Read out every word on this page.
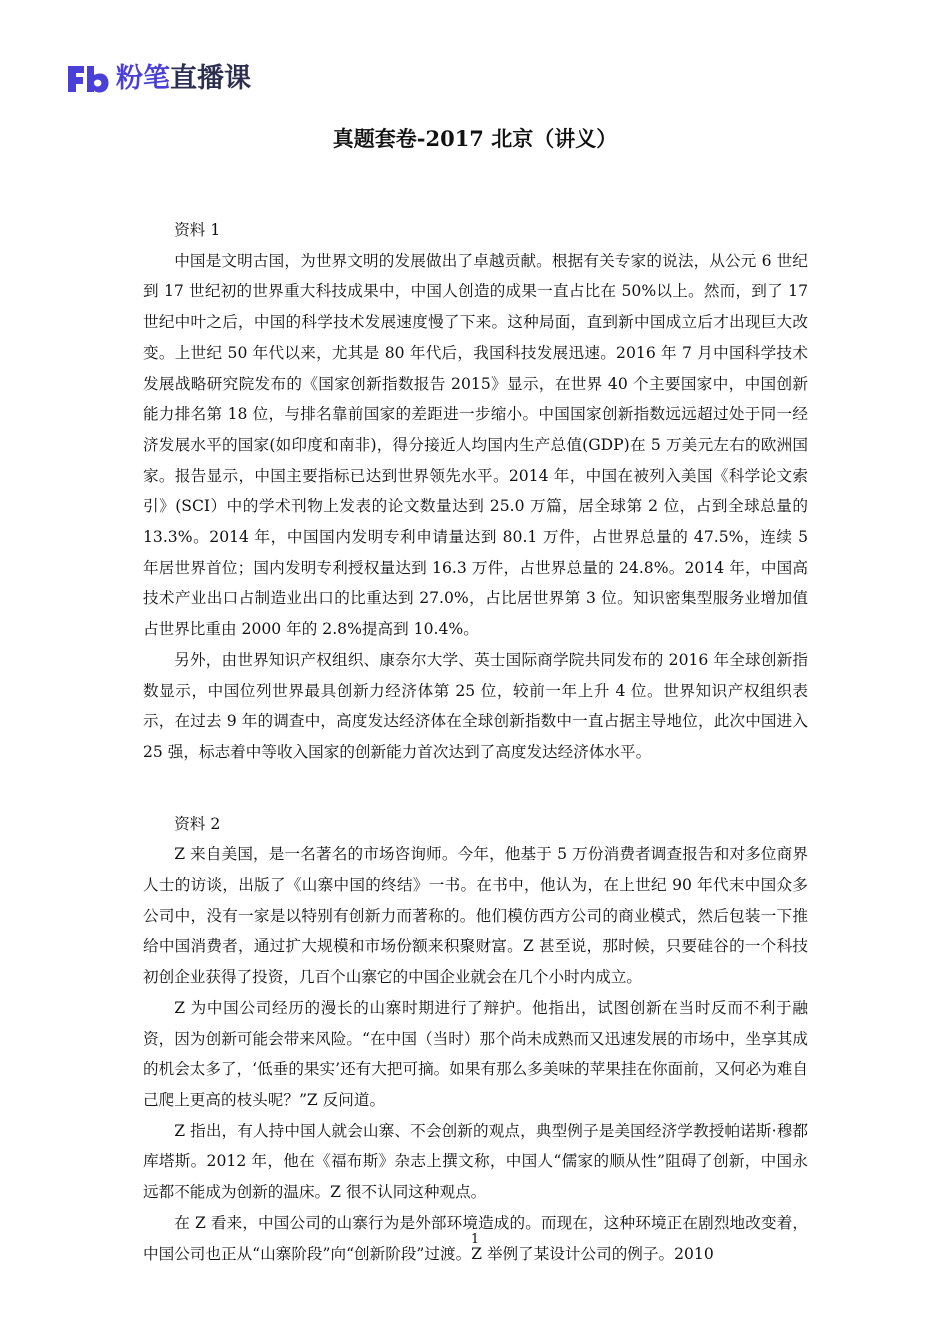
粉笔直播课
真题套卷-2017 北京（讲义）

资料 1

中国是文明古国，为世界文明的发展做出了卓越贡献。根据有关专家的说法，从公元 6 世纪到 17 世纪初的世界重大科技成果中，中国人创造的成果一直占比在 50%以上。然而，到了 17 世纪中叶之后，中国的科学技术发展速度慢了下来。这种局面，直到新中国成立后才出现巨大改变。上世纪 50 年代以来，尤其是 80 年代后，我国科技发展迅速。2016 年 7 月中国科学技术发展战略研究院发布的《国家创新指数报告 2015》显示，在世界 40 个主要国家中，中国创新能力排名第 18 位，与排名靠前国家的差距进一步缩小。中国国家创新指数远远超过处于同一经济发展水平的国家(如印度和南非)，得分接近人均国内生产总值(GDP)在 5 万美元左右的欧洲国家。报告显示，中国主要指标已达到世界领先水平。2014 年，中国在被列入美国《科学论文索引》(SCI）中的学术刊物上发表的论文数量达到 25.0 万篇，居全球第 2 位，占到全球总量的 13.3%。2014 年，中国国内发明专利申请量达到 80.1 万件，占世界总量的 47.5%，连续 5 年居世界首位；国内发明专利授权量达到 16.3 万件，占世界总量的 24.8%。2014 年，中国高技术产业出口占制造业出口的比重达到 27.0%，占比居世界第 3 位。知识密集型服务业增加值占世界比重由 2000 年的 2.8%提高到 10.4%。

另外，由世界知识产权组织、康奈尔大学、英士国际商学院共同发布的 2016 年全球创新指数显示，中国位列世界最具创新力经济体第 25 位，较前一年上升 4 位。世界知识产权组织表示，在过去 9 年的调查中，高度发达经济体在全球创新指数中一直占据主导地位，此次中国进入 25 强，标志着中等收入国家的创新能力首次达到了高度发达经济体水平。

资料 2

Z 来自美国，是一名著名的市场咨询师。今年，他基于 5 万份消费者调查报告和对多位商界人士的访谈，出版了《山寨中国的终结》一书。在书中，他认为，在上世纪 90 年代末中国众多公司中，没有一家是以特别有创新力而著称的。他们模仿西方公司的商业模式，然后包装一下推给中国消费者，通过扩大规模和市场份额来积聚财富。Z 甚至说，那时候，只要硅谷的一个科技初创企业获得了投资，几百个山寨它的中国企业就会在几个小时内成立。

Z 为中国公司经历的漫长的山寨时期进行了辩护。他指出，试图创新在当时反而不利于融资，因为创新可能会带来风险。“在中国（当时）那个尚未成熟而又迅速发展的市场中，坐享其成的机会太多了，‘低垂的果实’还有大把可摘。如果有那么多美味的苹果挂在你面前，又何必为难自己爬上更高的枝头呢？”Z 反问道。

Z 指出，有人持中国人就会山寨、不会创新的观点，典型例子是美国经济学教授帕诺斯·穆都库塔斯。2012 年，他在《福布斯》杂志上撰文称，中国人“儒家的顺从性”阻碍了创新，中国永远都不能成为创新的温床。Z 很不认同这种观点。

在 Z 看来，中国公司的山寨行为是外部环境造成的。而现在，这种环境正在剧烈地改变着，中国公司也正从“山寨阶段”向“创新阶段”过渡。Z 举例了某设计公司的例子。2010

1
